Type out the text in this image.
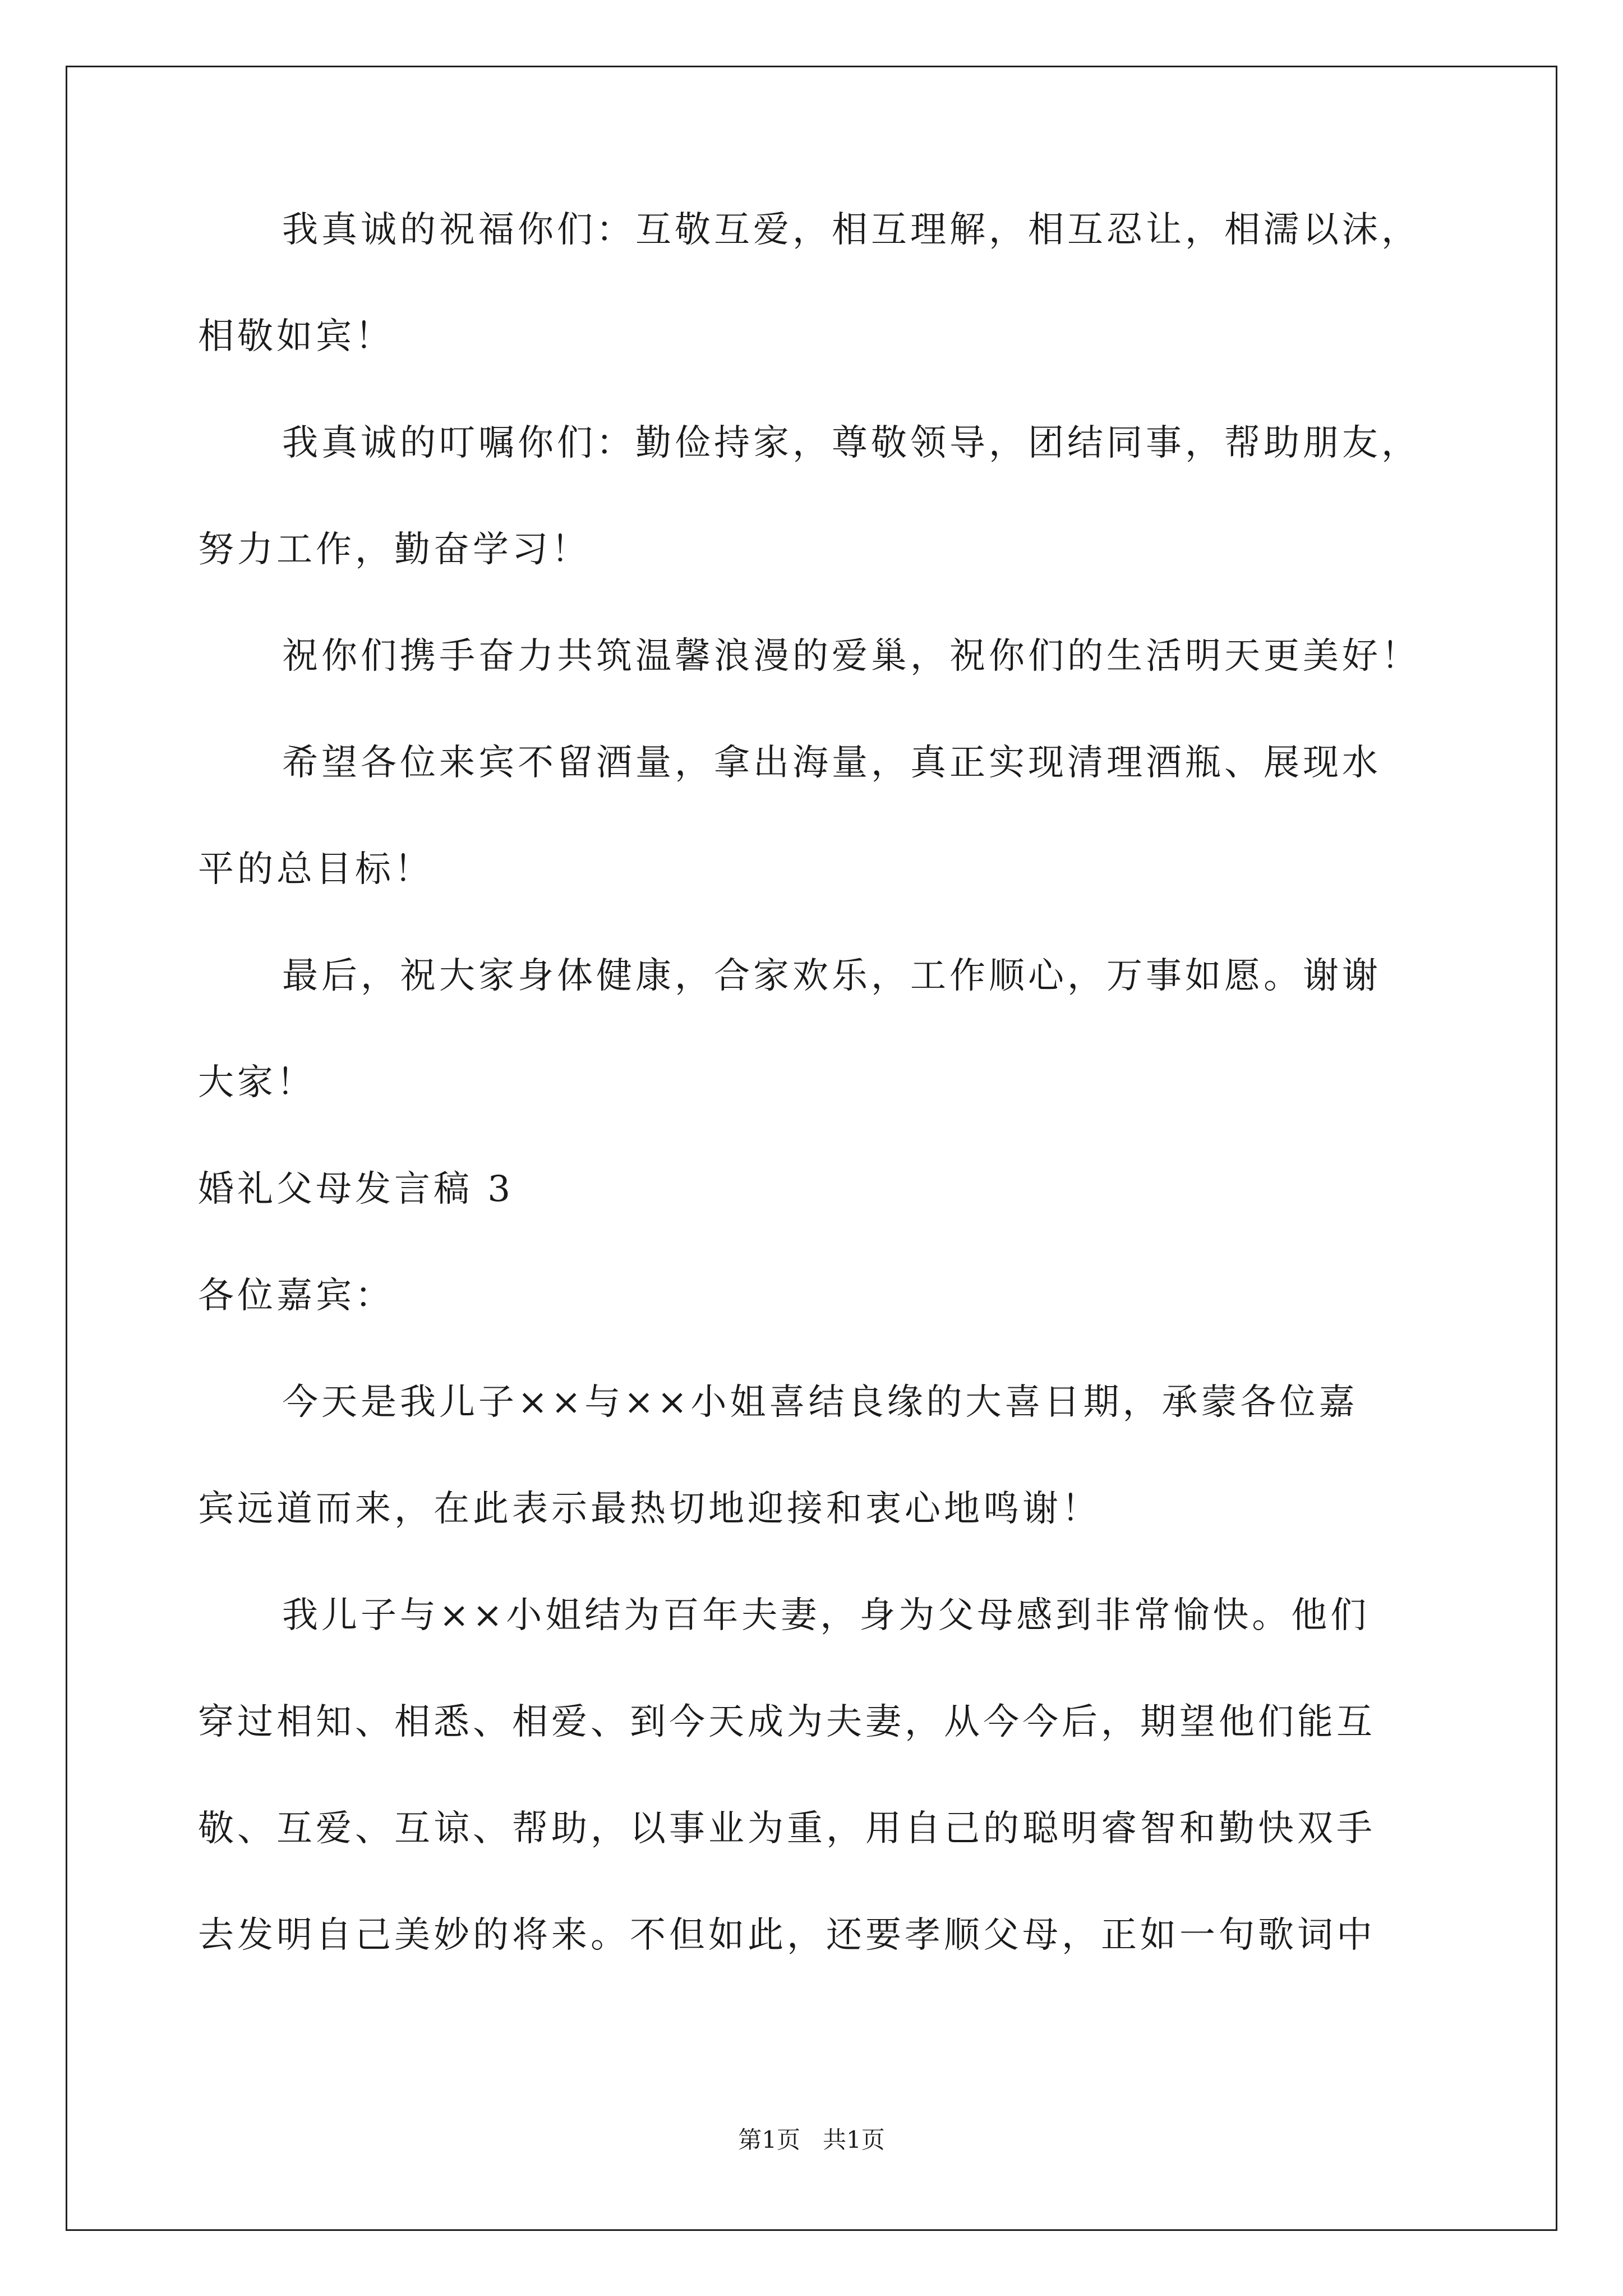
我真诚的祝福你们：互敬互爱，相互理解，相互忍让，相濡以沫，
相敬如宾！
我真诚的叮嘱你们：勤俭持家，尊敬领导，团结同事，帮助朋友，
努力工作，勤奋学习！
祝你们携手奋力共筑温馨浪漫的爱巢，祝你们的生活明天更美好！
希望各位来宾不留酒量，拿出海量，真正实现清理酒瓶、展现水
平的总目标！
最后，祝大家身体健康，合家欢乐，工作顺心，万事如愿。谢谢
大家！
婚礼父母发言稿 3
各位嘉宾：
今天是我儿子××与××小姐喜结良缘的大喜日期，承蒙各位嘉
宾远道而来，在此表示最热切地迎接和衷心地鸣谢！
我儿子与××小姐结为百年夫妻，身为父母感到非常愉快。他们
穿过相知、相悉、相爱、到今天成为夫妻，从今今后，期望他们能互
敬、互爱、互谅、帮助，以事业为重，用自己的聪明睿智和勤快双手
去发明自己美妙的将来。不但如此，还要孝顺父母，正如一句歌词中
第1页   共1页
